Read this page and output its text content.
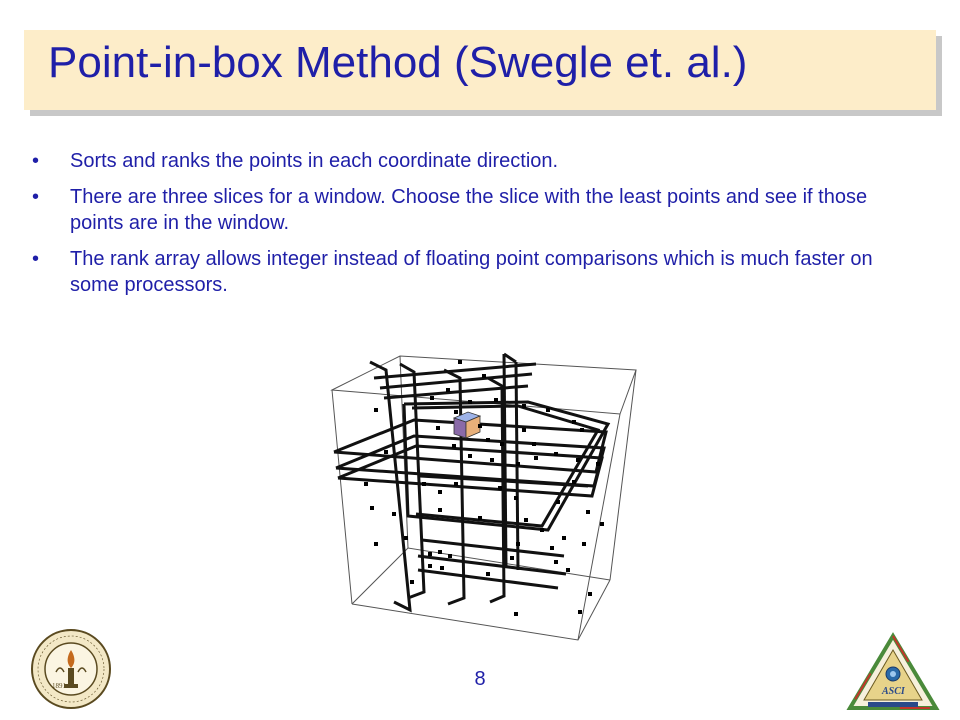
Point-in-box Method (Swegle et. al.)
• Sorts and ranks the points in each coordinate direction.
• There are three slices for a window. Choose the slice with the least points and see if those points are in the window.
• The rank array allows integer instead of floating point comparisons which is much faster on some processors.
1891	8
ASCI
